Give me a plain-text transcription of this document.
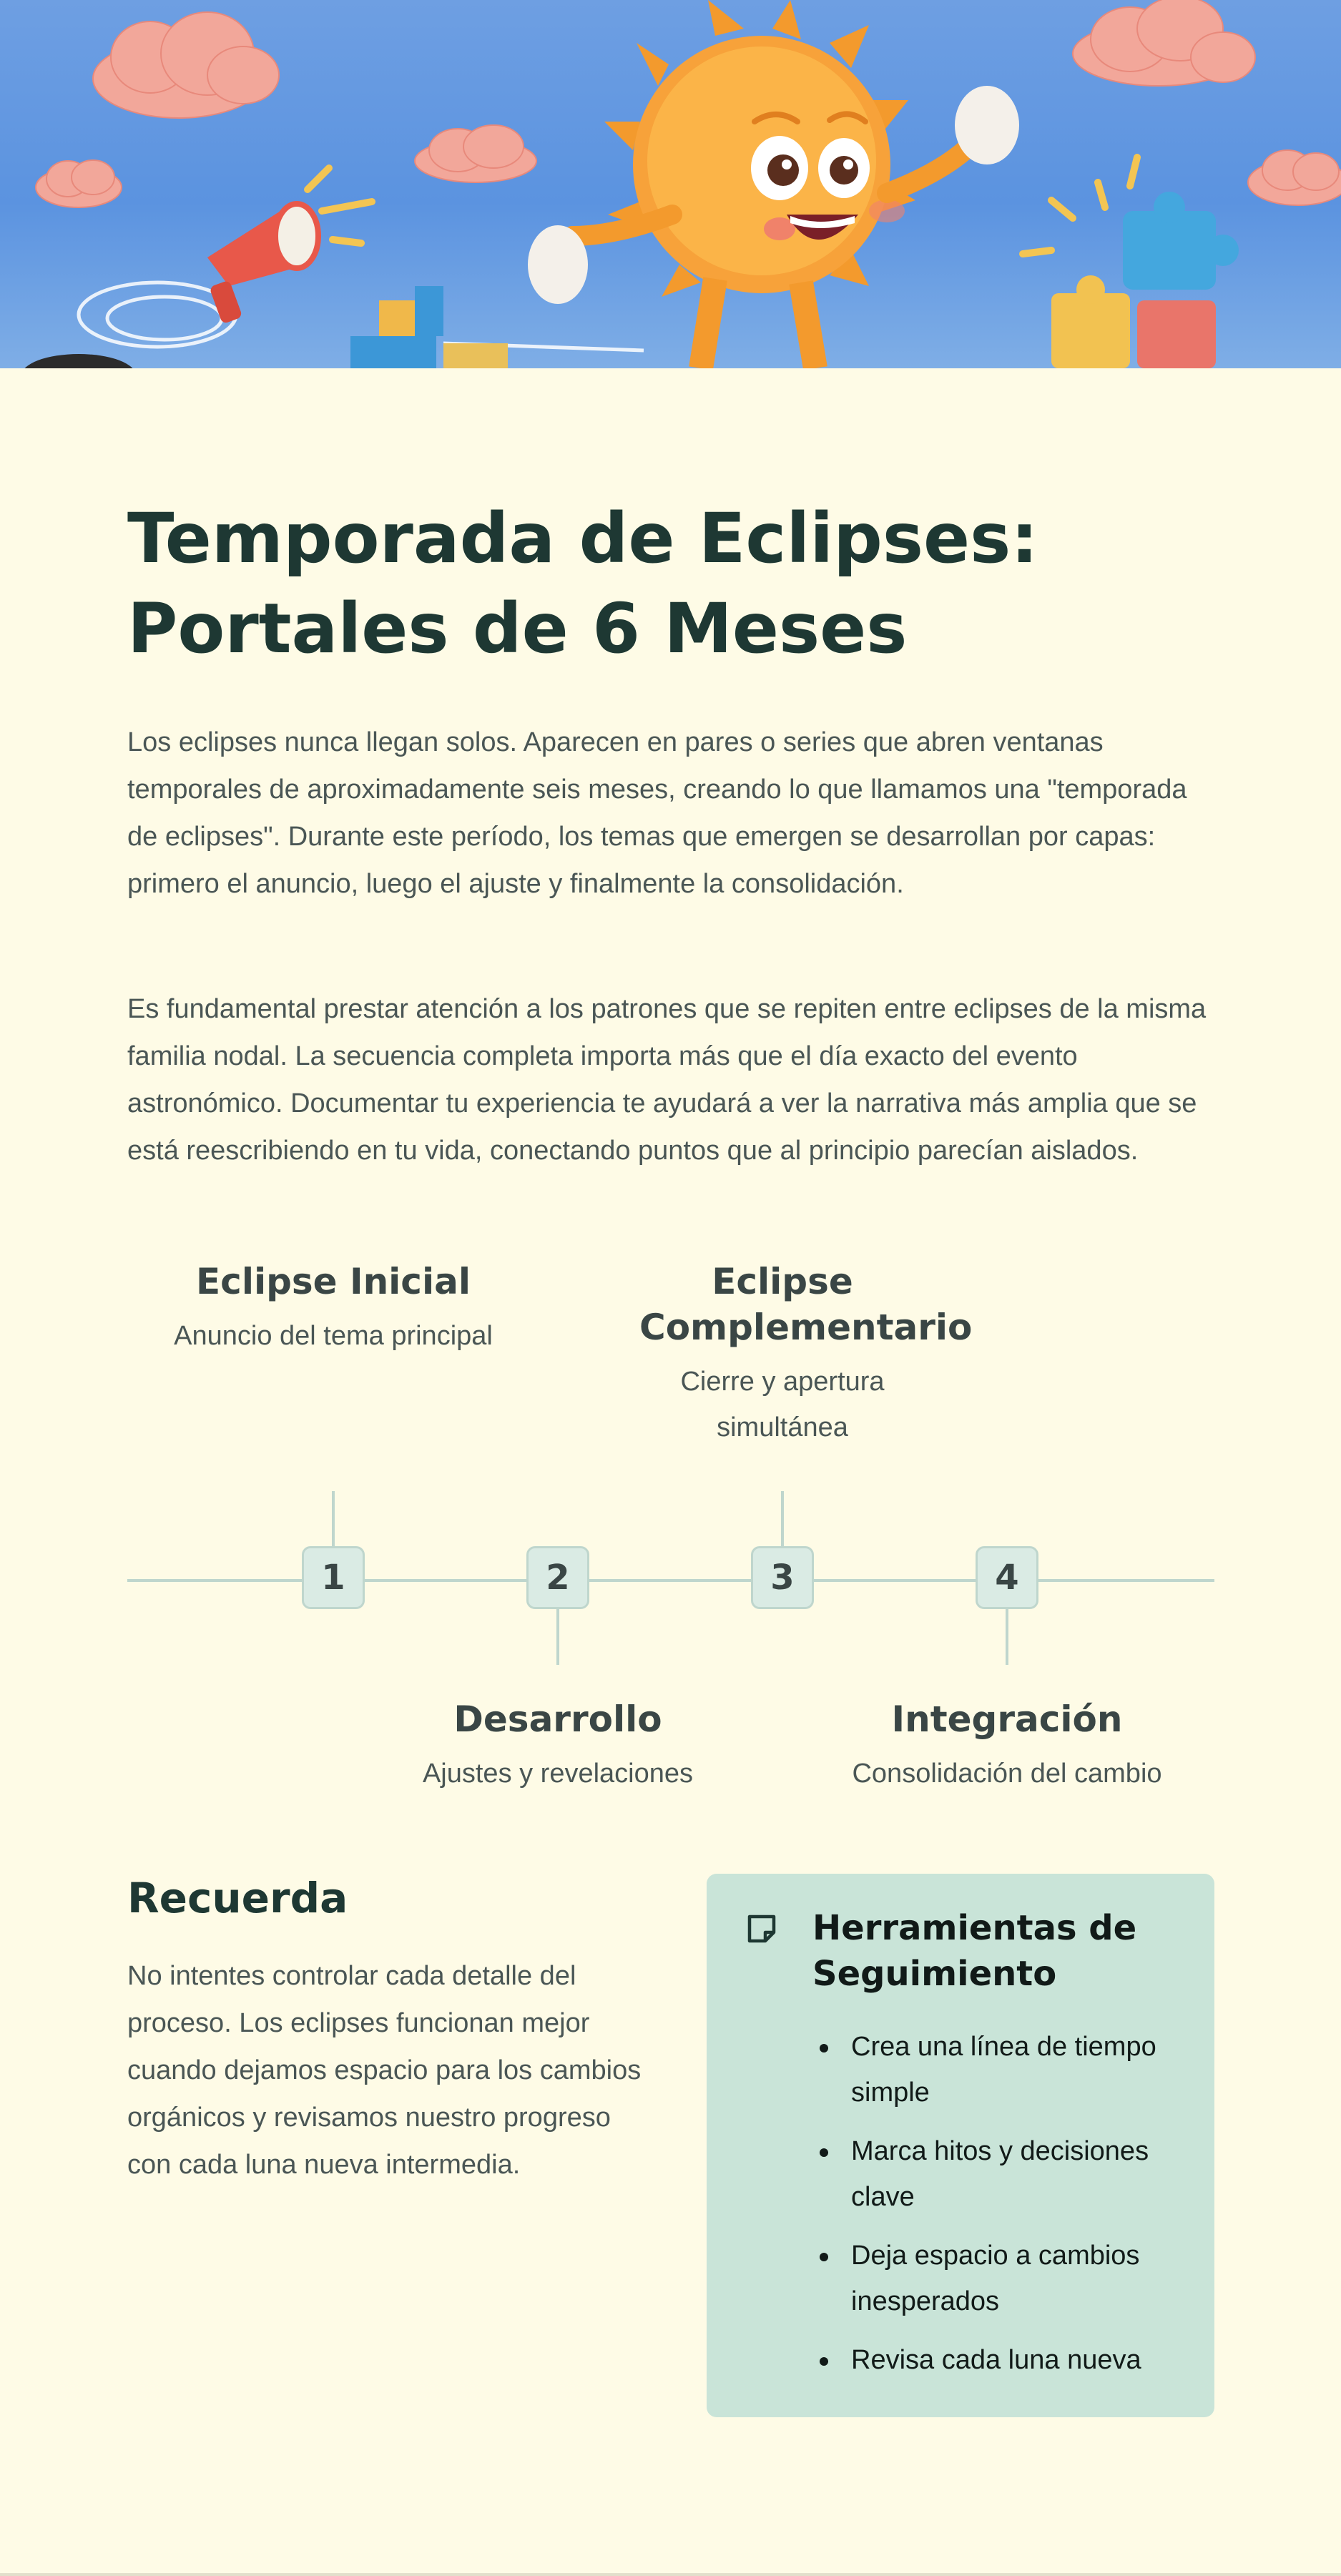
Temporada de Eclipses:
Portales de 6 Meses

Los eclipses nunca llegan solos. Aparecen en pares o series que abren ventanas temporales de aproximadamente seis meses, creando lo que llamamos una "temporada de eclipses". Durante este período, los temas que emergen se desarrollan por capas: primero el anuncio, luego el ajuste y finalmente la consolidación.

Es fundamental prestar atención a los patrones que se repiten entre eclipses de la misma familia nodal. La secuencia completa importa más que el día exacto del evento astronómico. Documentar tu experiencia te ayudará a ver la narrativa más amplia que se está reescribiendo en tu vida, conectando puntos que al principio parecían aislados.

Eclipse Inicial

Anuncio del tema principal

1	2
Desarrollo

Ajustes y revelaciones

Eclipse Complementario

Cierre y apertura simultánea

3	4
Integración

Consolidación del cambio

Recuerda

No intentes controlar cada detalle del proceso. Los eclipses funcionan mejor cuando dejamos espacio para los cambios orgánicos y revisamos nuestro progreso con cada luna nueva intermedia.

Herramientas de Seguimiento
Crea una línea de tiempo simple
Marca hitos y decisiones clave
Deja espacio a cambios inesperados
Revisa cada luna nueva
